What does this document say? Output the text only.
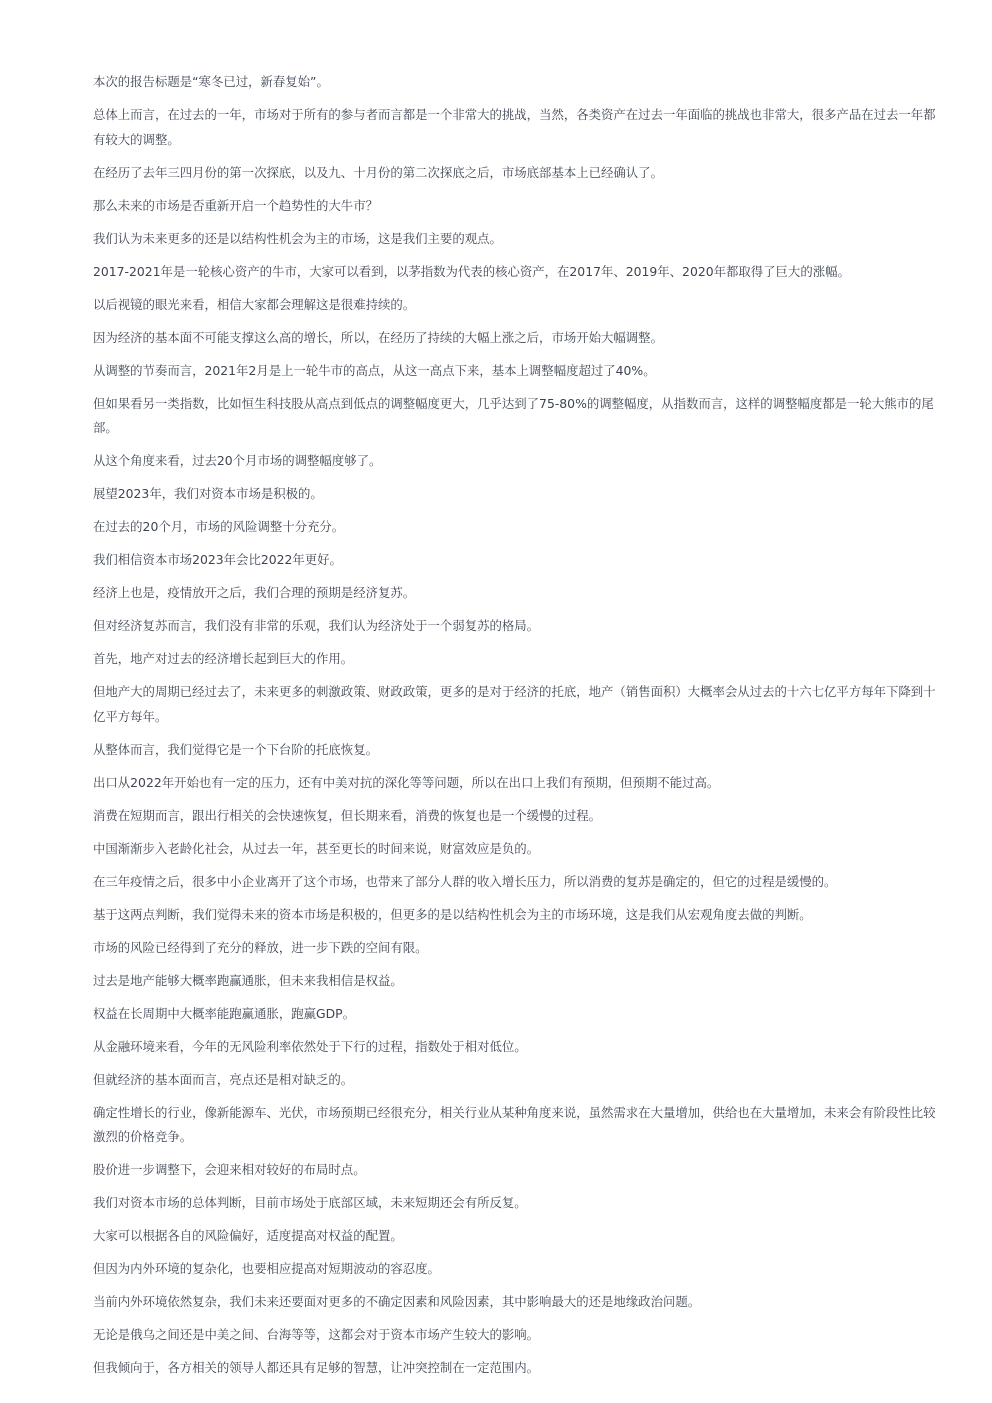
本次的报告标题是“寒冬已过，新春复始”。

总体上而言，在过去的一年，市场对于所有的参与者而言都是一个非常大的挑战，当然，各类资产在过去一年面临的挑战也非常大，很多产品在过去一年都有较大的调整。

在经历了去年三四月份的第一次探底，以及九、十月份的第二次探底之后，市场底部基本上已经确认了。

那么未来的市场是否重新开启一个趋势性的大牛市？

我们认为未来更多的还是以结构性机会为主的市场，这是我们主要的观点。

2017-2021年是一轮核心资产的牛市，大家可以看到，以茅指数为代表的核心资产，在2017年、2019年、2020年都取得了巨大的涨幅。

以后视镜的眼光来看，相信大家都会理解这是很难持续的。

因为经济的基本面不可能支撑这么高的增长，所以，在经历了持续的大幅上涨之后，市场开始大幅调整。

从调整的节奏而言，2021年2月是上一轮牛市的高点，从这一高点下来，基本上调整幅度超过了40%。

但如果看另一类指数，比如恒生科技股从高点到低点的调整幅度更大，几乎达到了75-80%的调整幅度，从指数而言，这样的调整幅度都是一轮大熊市的尾部。

从这个角度来看，过去20个月市场的调整幅度够了。

展望2023年，我们对资本市场是积极的。

在过去的20个月，市场的风险调整十分充分。

我们相信资本市场2023年会比2022年更好。

经济上也是，疫情放开之后，我们合理的预期是经济复苏。

但对经济复苏而言，我们没有非常的乐观，我们认为经济处于一个弱复苏的格局。

首先，地产对过去的经济增长起到巨大的作用。

但地产大的周期已经过去了，未来更多的刺激政策、财政政策，更多的是对于经济的托底，地产（销售面积）大概率会从过去的十六七亿平方每年下降到十亿平方每年。

从整体而言，我们觉得它是一个下台阶的托底恢复。

出口从2022年开始也有一定的压力，还有中美对抗的深化等等问题，所以在出口上我们有预期，但预期不能过高。

消费在短期而言，跟出行相关的会快速恢复，但长期来看，消费的恢复也是一个缓慢的过程。

中国渐渐步入老龄化社会，从过去一年，甚至更长的时间来说，财富效应是负的。

在三年疫情之后，很多中小企业离开了这个市场，也带来了部分人群的收入增长压力，所以消费的复苏是确定的，但它的过程是缓慢的。

基于这两点判断，我们觉得未来的资本市场是积极的，但更多的是以结构性机会为主的市场环境，这是我们从宏观角度去做的判断。

市场的风险已经得到了充分的释放，进一步下跌的空间有限。

过去是地产能够大概率跑赢通胀，但未来我相信是权益。

权益在长周期中大概率能跑赢通胀，跑赢GDP。

从金融环境来看，今年的无风险利率依然处于下行的过程，指数处于相对低位。

但就经济的基本面而言，亮点还是相对缺乏的。

确定性增长的行业，像新能源车、光伏，市场预期已经很充分，相关行业从某种角度来说，虽然需求在大量增加，供给也在大量增加，未来会有阶段性比较激烈的价格竞争。

股价进一步调整下，会迎来相对较好的布局时点。

我们对资本市场的总体判断，目前市场处于底部区域，未来短期还会有所反复。

大家可以根据各自的风险偏好，适度提高对权益的配置。

但因为内外环境的复杂化，也要相应提高对短期波动的容忍度。

当前内外环境依然复杂，我们未来还要面对更多的不确定因素和风险因素，其中影响最大的还是地缘政治问题。

无论是俄乌之间还是中美之间、台海等等，这都会对于资本市场产生较大的影响。

但我倾向于，各方相关的领导人都还具有足够的智慧，让冲突控制在一定范围内。
